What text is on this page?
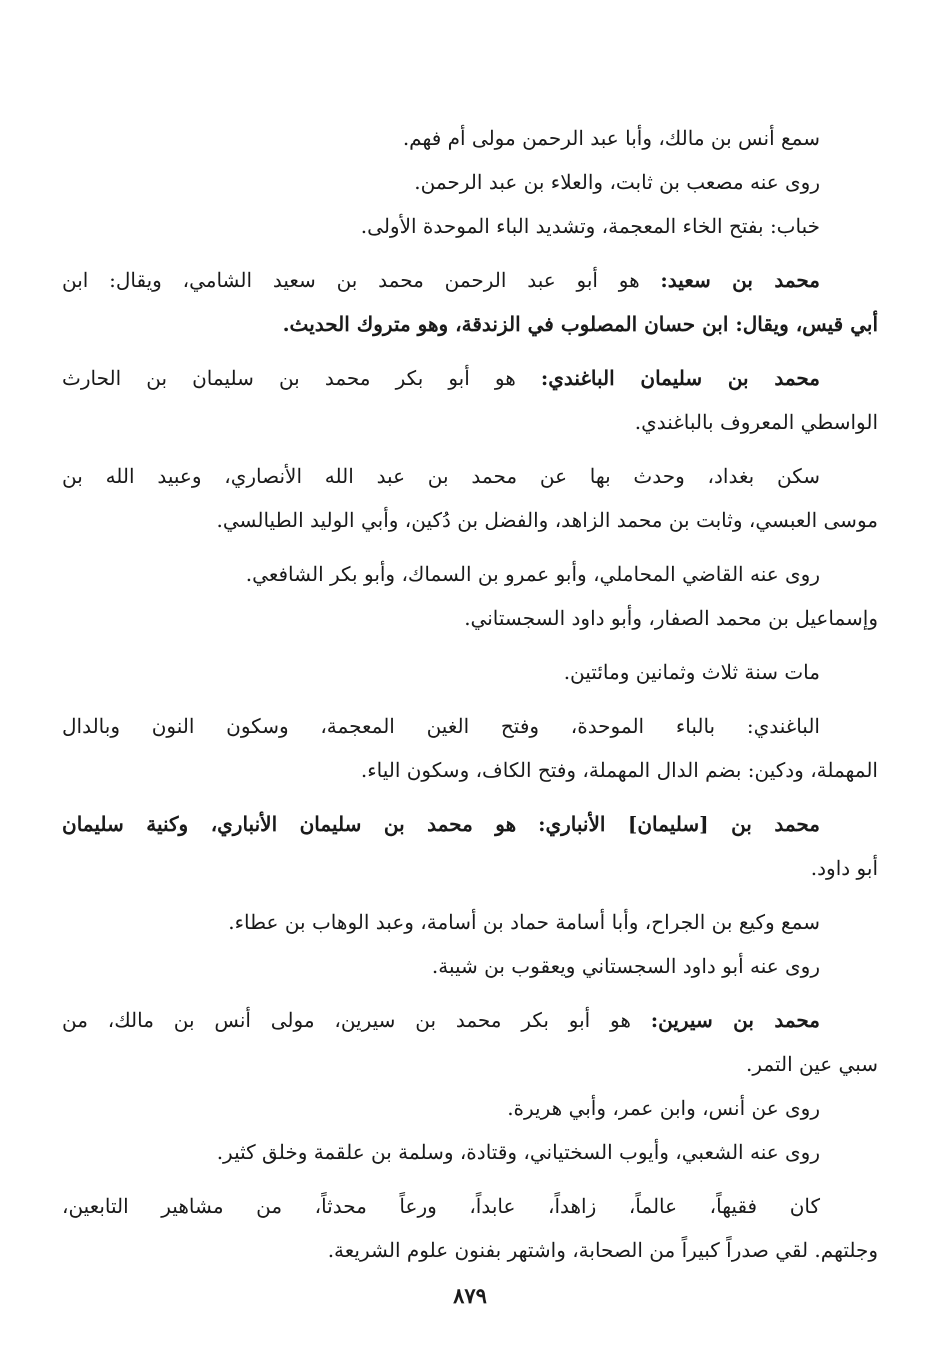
سمع أنس بن مالك، وأبا عبد الرحمن مولى أم فهم.
روى عنه مصعب بن ثابت، والعلاء بن عبد الرحمن.
خباب: بفتح الخاء المعجمة، وتشديد الباء الموحدة الأولى.
محمد بن سعيد: هو أبو عبد الرحمن محمد بن سعيد الشامي، ويقال: ابن
أبي قيس، ويقال: ابن حسان المصلوب في الزندقة، وهو متروك الحديث.
محمد بن سليمان الباغندي: هو أبو بكر محمد بن سليمان بن الحارث
الواسطي المعروف بالباغندي.
سكن بغداد، وحدث بها عن محمد بن عبد الله الأنصاري، وعبيد الله بن
موسى العبسي، وثابت بن محمد الزاهد، والفضل بن دُكين، وأبي الوليد الطيالسي.
روى عنه القاضي المحاملي، وأبو عمرو بن السماك، وأبو بكر الشافعي.
وإسماعيل بن محمد الصفار، وأبو داود السجستاني.
مات سنة ثلاث وثمانين ومائتين.
الباغندي: بالباء الموحدة، وفتح الغين المعجمة، وسكون النون وبالدال
المهملة، ودكين: بضم الدال المهملة، وفتح الكاف، وسكون الياء.
محمد بن [سليمان] الأنباري: هو محمد بن سليمان الأنباري، وكنية سليمان
أبو داود.
سمع وكيع بن الجراح، وأبا أسامة حماد بن أسامة، وعبد الوهاب بن عطاء.
روى عنه أبو داود السجستاني ويعقوب بن شيبة.
محمد بن سيرين: هو أبو بكر محمد بن سيرين، مولى أنس بن مالك، من
سبي عين التمر.
روى عن أنس، وابن عمر، وأبي هريرة.
روى عنه الشعبي، وأيوب السختياني، وقتادة، وسلمة بن علقمة وخلق كثير.
كان فقيهاً، عالماً، زاهداً، عابداً، ورعاً محدثاً، من مشاهير التابعين،
وجلتهم. لقي صدراً كبيراً من الصحابة، واشتهر بفنون علوم الشريعة.
٨٧٩
